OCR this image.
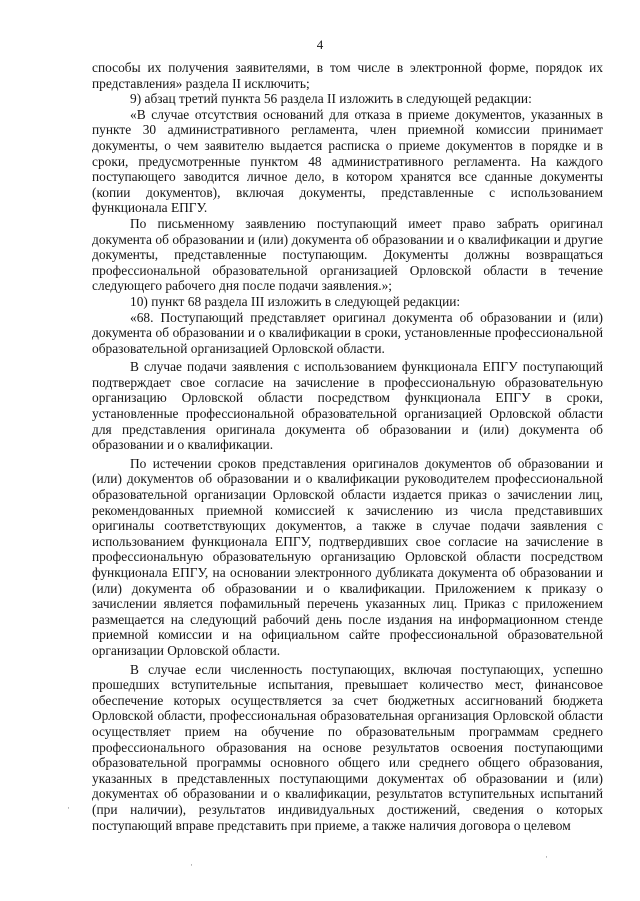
4

способы их получения заявителями, в том числе в электронной форме, порядок их представления» раздела II исключить;

9) абзац третий пункта 56 раздела II изложить в следующей редакции:

«В случае отсутствия оснований для отказа в приеме документов, указанных в пункте 30 административного регламента, член приемной комиссии принимает документы, о чем заявителю выдается расписка о приеме документов в порядке и в сроки, предусмотренные пунктом 48 административного регламента. На каждого поступающего заводится личное дело, в котором хранятся все сданные документы (копии документов), включая документы, представленные с использованием функционала ЕПГУ.

По письменному заявлению поступающий имеет право забрать оригинал документа об образовании и (или) документа об образовании и о квалификации и другие документы, представленные поступающим. Документы должны возвращаться профессиональной образовательной организацией Орловской области в течение следующего рабочего дня после подачи заявления.»;

10) пункт 68 раздела III изложить в следующей редакции:

«68. Поступающий представляет оригинал документа об образовании и (или) документа об образовании и о квалификации в сроки, установленные профессиональной образовательной организацией Орловской области.

В случае подачи заявления с использованием функционала ЕПГУ поступающий подтверждает свое согласие на зачисление в профессиональную образовательную организацию Орловской области посредством функционала ЕПГУ в сроки, установленные профессиональной образовательной организацией Орловской области для представления оригинала документа об образовании и (или) документа об образовании и о квалификации.

По истечении сроков представления оригиналов документов об образовании и (или) документов об образовании и о квалификации руководителем профессиональной образовательной организации Орловской области издается приказ о зачислении лиц, рекомендованных приемной комиссией к зачислению из числа представивших оригиналы соответствующих документов, а также в случае подачи заявления с использованием функционала ЕПГУ, подтвердивших свое согласие на зачисление в профессиональную образовательную организацию Орловской области посредством функционала ЕПГУ, на основании электронного дубликата документа об образовании и (или) документа об образовании и о квалификации. Приложением к приказу о зачислении является пофамильный перечень указанных лиц. Приказ с приложением размещается на следующий рабочий день после издания на информационном стенде приемной комиссии и на официальном сайте профессиональной образовательной организации Орловской области.

В случае если численность поступающих, включая поступающих, успешно прошедших вступительные испытания, превышает количество мест, финансовое обеспечение которых осуществляется за счет бюджетных ассигнований бюджета Орловской области, профессиональная образовательная организация Орловской области осуществляет прием на обучение по образовательным программам среднего профессионального образования на основе результатов освоения поступающими образовательной программы основного общего или среднего общего образования, указанных в представленных поступающими документах об образовании и (или) документах об образовании и о квалификации, результатов вступительных испытаний (при наличии), результатов индивидуальных достижений, сведения о которых поступающий вправе представить при приеме, а также наличия договора о целевом

·
·
·
